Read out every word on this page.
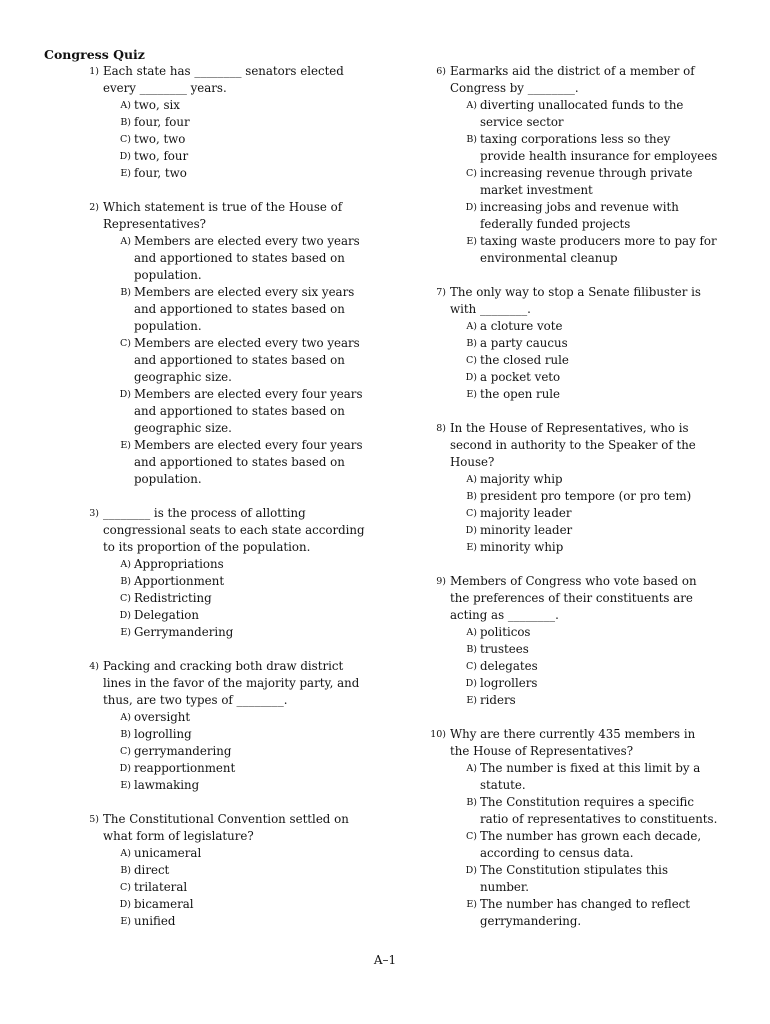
Congress Quiz
1) Each state has ________ senators elected every ________ years.
A) two, six
B) four, four
C) two, two
D) two, four
E) four, two
2) Which statement is true of the House of Representatives?
A) Members are elected every two years and apportioned to states based on population.
B) Members are elected every six years and apportioned to states based on population.
C) Members are elected every two years and apportioned to states based on geographic size.
D) Members are elected every four years and apportioned to states based on geographic size.
E) Members are elected every four years and apportioned to states based on population.
3) ________ is the process of allotting congressional seats to each state according to its proportion of the population.
A) Appropriations
B) Apportionment
C) Redistricting
D) Delegation
E) Gerrymandering
4) Packing and cracking both draw district lines in the favor of the majority party, and thus, are two types of ________.
A) oversight
B) logrolling
C) gerrymandering
D) reapportionment
E) lawmaking
5) The Constitutional Convention settled on what form of legislature?
A) unicameral
B) direct
C) trilateral
D) bicameral
E) unified
6) Earmarks aid the district of a member of Congress by ________.
A) diverting unallocated funds to the service sector
B) taxing corporations less so they provide health insurance for employees
C) increasing revenue through private market investment
D) increasing jobs and revenue with federally funded projects
E) taxing waste producers more to pay for environmental cleanup
7) The only way to stop a Senate filibuster is with ________.
A) a cloture vote
B) a party caucus
C) the closed rule
D) a pocket veto
E) the open rule
8) In the House of Representatives, who is second in authority to the Speaker of the House?
A) majority whip
B) president pro tempore (or pro tem)
C) majority leader
D) minority leader
E) minority whip
9) Members of Congress who vote based on the preferences of their constituents are acting as ________.
A) politicos
B) trustees
C) delegates
D) logrollers
E) riders
10) Why are there currently 435 members in the House of Representatives?
A) The number is fixed at this limit by a statute.
B) The Constitution requires a specific ratio of representatives to constituents.
C) The number has grown each decade, according to census data.
D) The Constitution stipulates this number.
E) The number has changed to reflect gerrymandering.
A–1
